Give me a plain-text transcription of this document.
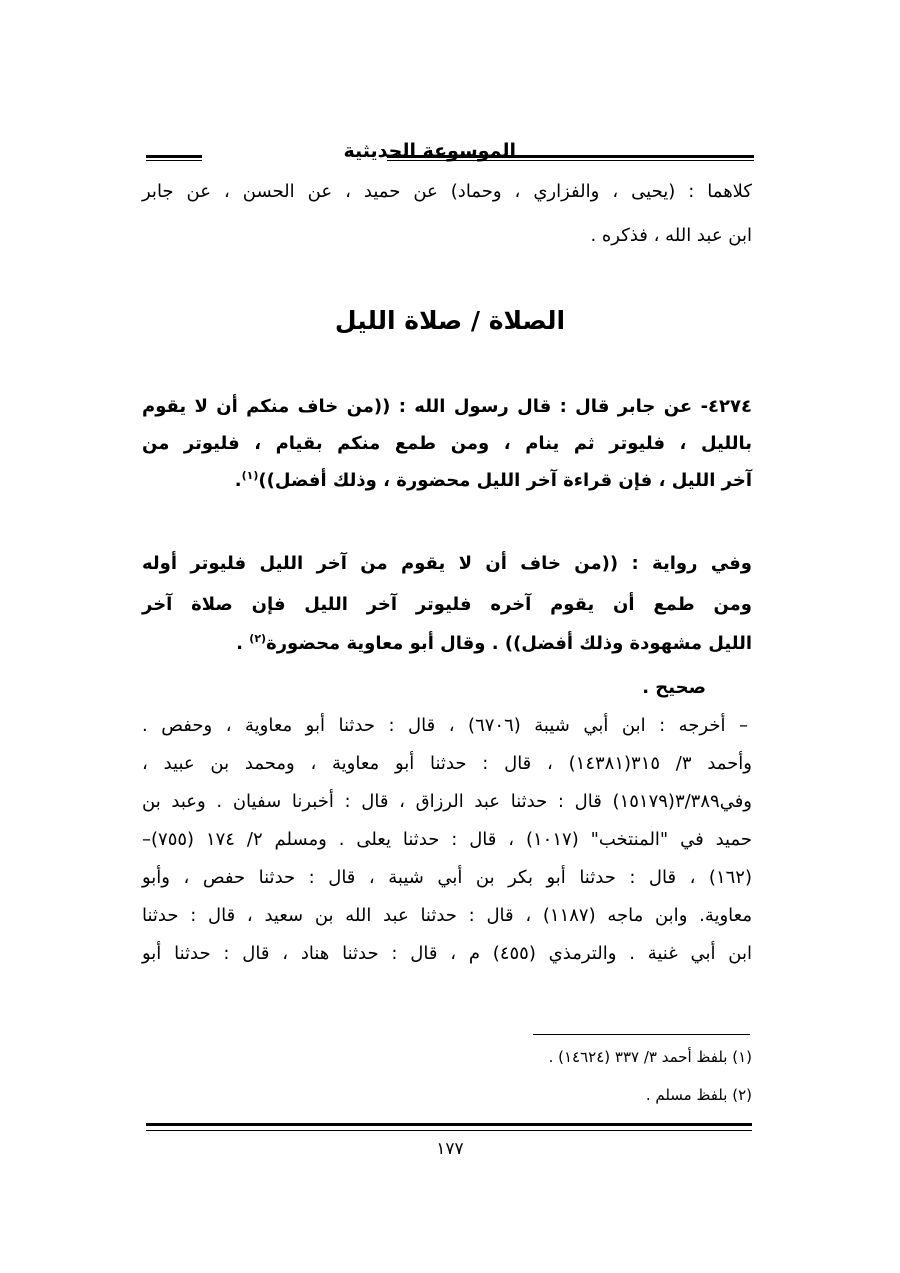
الموسوعة الحديثية
كلاهما : (يحيى ، والفزاري ، وحماد) عن حميد ، عن الحسن ، عن جابر
ابن عبد الله ، فذكره .
الصلاة / صلاة الليل
٤٢٧٤- عن جابر قال : قال رسول الله : ((من خاف منكم أن لا يقوم
بالليل ، فليوتر ثم ينام ، ومن طمع منكم بقيام ، فليوتر من
آخر الليل ، فإن قراءة آخر الليل محضورة ، وذلك أفضل))$^{(١)}$.
وفي رواية : ((من خاف أن لا يقوم من آخر الليل فليوتر أوله
ومن طمع أن يقوم آخره فليوتر آخر الليل فإن صلاة آخر
الليل مشهودة وذلك أفضل)) . وقال أبو معاوية محضورة$^{(٢)}$ .
صحيح .
– أخرجه : ابن أبي شيبة (٦٧٠٦) ، قال : حدثنا أبو معاوية ، وحفص .
وأحمد ٣/ ٣١٥(١٤٣٨١) ، قال : حدثنا أبو معاوية ، ومحمد بن عبيد ،
وفي٣/٣٨٩(١٥١٧٩) قال : حدثنا عبد الرزاق ، قال : أخبرنا سفيان . وعبد بن
حميد في "المنتخب" (١٠١٧) ، قال : حدثنا يعلى . ومسلم ٢/ ١٧٤ (٧٥٥)–
(١٦٢) ، قال : حدثنا أبو بكر بن أبي شيبة ، قال : حدثنا حفص ، وأبو
معاوية. وابن ماجه (١١٨٧) ، قال : حدثنا عبد الله بن سعيد ، قال : حدثنا
ابن أبي غنية . والترمذي (٤٥٥) م ، قال : حدثنا هناد ، قال : حدثنا أبو
(١) بلفظ أحمد ٣/ ٣٣٧ (١٤٦٢٤) .
(٢) بلفظ مسلم .
١٧٧
